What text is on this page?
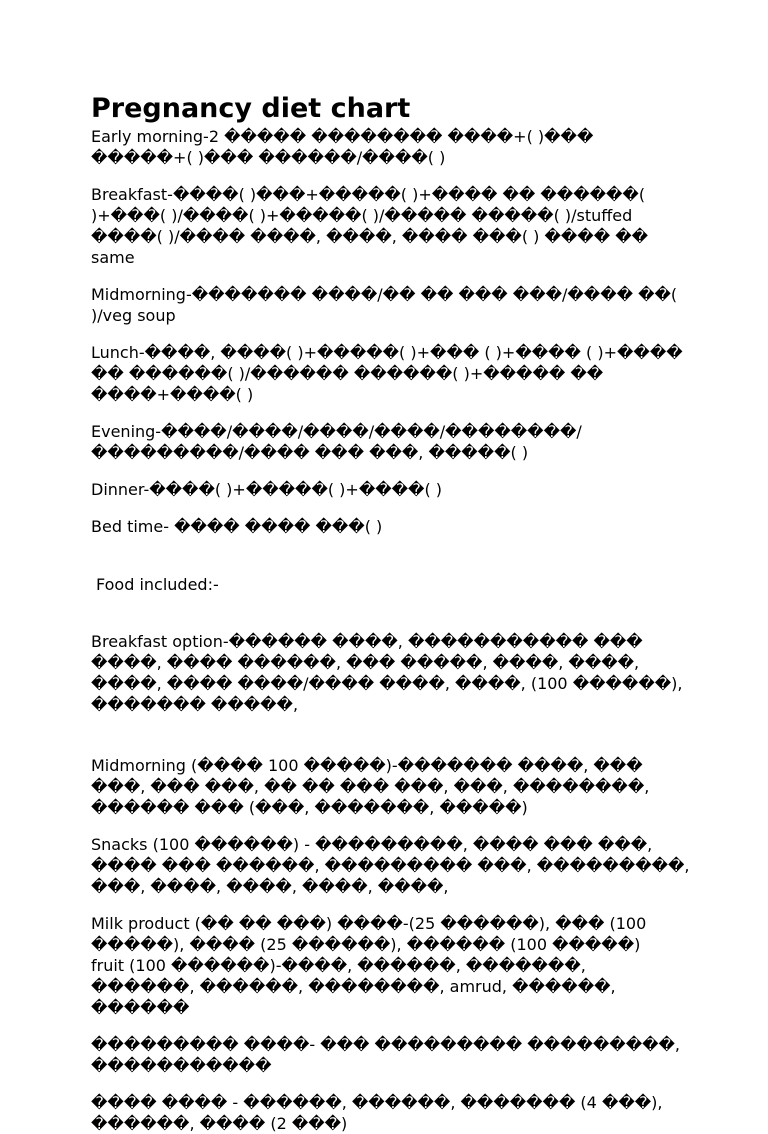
Pregnancy diet chart

Early morning-2 ����� �������� ����+( )��� �����+( )��� ������/����( )

Breakfast-����( )���+�����( )+���� �� ������( )+���( )/����( )+�����( )/����� �����( )/stuffed ����( )/���� ����, ����, ���� ���( ) ���� �� same

Midmorning-������� ����/�� �� ��� ���/���� ��( )/veg soup

Lunch-����, ����( )+�����( )+��� ( )+���� ( )+���� �� ������( )/������ ������( )+����� �� ����+����( )

Evening-����/����/����/����/��������/���������/���� ��� ���, �����( )

Dinner-����( )+�����( )+����( )

Bed time- ���� ���� ���( )

Food included:-

Breakfast option-������ ����, ����������� ��� ����, ���� ������, ��� �����, ����, ����, ����, ���� ����/���� ����, ����, (100 ������), ������� �����,

Midmorning (���� 100 �����)-������� ����, ��� ���, ��� ���, �� �� ��� ���, ���, ��������, ������ ��� (���, �������, �����)

Snacks (100 ������) - ���������, ���� ��� ���, ���� ��� ������, ��������� ���, ���������, ���, ����, ����, ����, ����,

Milk product (�� �� ���) ����-(25 ������), ��� (100 �����), ���� (25 ������), ������ (100 �����)

fruit (100 ������)-����, ������, �������, ������, ������, ��������, amrud, ������, ������

��������� ����- ��� ��������� ���������, �����������

���� ���� - ������, ������, ������� (4 ���), ������, ���� (2 ���)
